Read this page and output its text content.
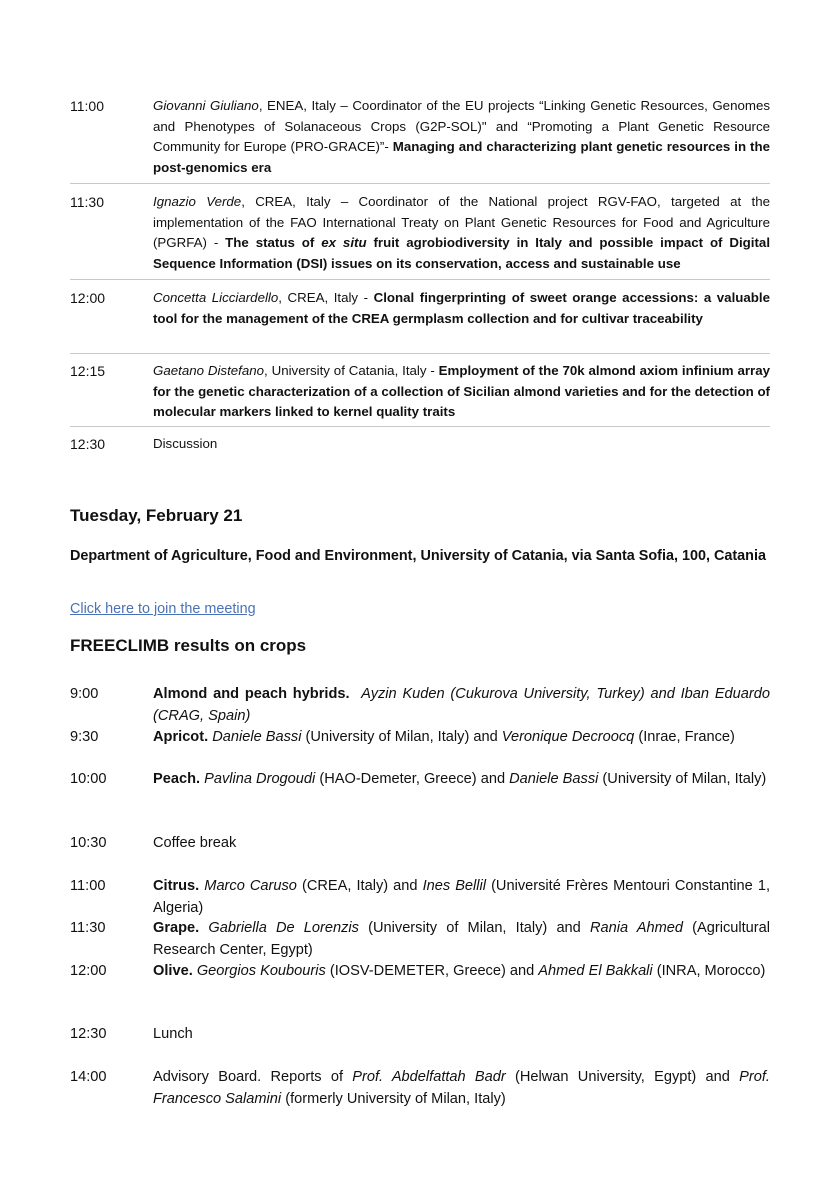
11:00	Giovanni Giuliano, ENEA, Italy – Coordinator of the EU projects “Linking Genetic Resources, Genomes and Phenotypes of Solanaceous Crops (G2P-SOL)" and “Promoting a Plant Genetic Resource Community for Europe (PRO-GRACE)”- Managing and characterizing plant genetic resources in the post-genomics era
11:30	Ignazio Verde, CREA, Italy – Coordinator of the National project RGV-FAO, targeted at the implementation of the FAO International Treaty on Plant Genetic Resources for Food and Agriculture (PGRFA) - The status of ex situ fruit agrobiodiversity in Italy and possible impact of Digital Sequence Information (DSI) issues on its conservation, access and sustainable use
12:00	Concetta Licciardello, CREA, Italy - Clonal fingerprinting of sweet orange accessions: a valuable tool for the management of the CREA germplasm collection and for cultivar traceability
12:15	Gaetano Distefano, University of Catania, Italy - Employment of the 70k almond axiom infinium array for the genetic characterization of a collection of Sicilian almond varieties and for the detection of molecular markers linked to kernel quality traits
12:30	Discussion
Tuesday, February 21
Department of Agriculture, Food and Environment, University of Catania, via Santa Sofia, 100, Catania
Click here to join the meeting
FREECLIMB results on crops
9:00	Almond and peach hybrids. Ayzin Kuden (Cukurova University, Turkey) and Iban Eduardo (CRAG, Spain)
9:30	Apricot. Daniele Bassi (University of Milan, Italy) and Veronique Decroocq (Inrae, France)
10:00	Peach. Pavlina Drogoudi (HAO-Demeter, Greece) and Daniele Bassi (University of Milan, Italy)
10:30	Coffee break
11:00	Citrus. Marco Caruso (CREA, Italy) and Ines Bellil (Université Frères Mentouri Constantine 1, Algeria)
11:30	Grape. Gabriella De Lorenzis (University of Milan, Italy) and Rania Ahmed (Agricultural Research Center, Egypt)
12:00	Olive. Georgios Koubouris (IOSV-DEMETER, Greece) and Ahmed El Bakkali (INRA, Morocco)
12:30	Lunch
14:00	Advisory Board. Reports of Prof. Abdelfattah Badr (Helwan University, Egypt) and Prof. Francesco Salamini (formerly University of Milan, Italy)
